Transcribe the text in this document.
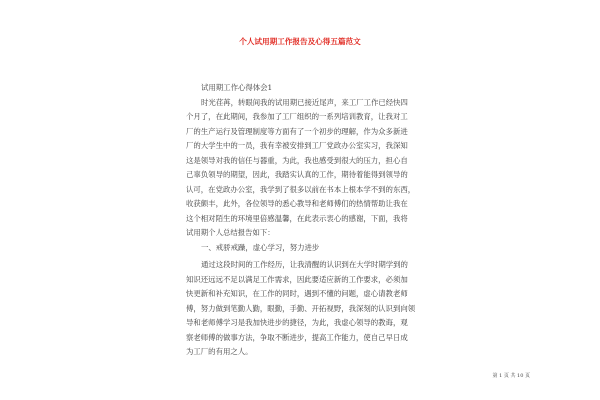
个人试用期工作报告及心得五篇范文
试用期工作心得体会1
时光荏苒，转眼间我的试用期已接近尾声，来工厂工作已经快四
个月了，在此期间，我参加了工厂组织的一系列培训教育，让我对工
厂的生产运行及管理制度等方面有了一个初步的理解，作为众多新进
厂的大学生中的一员，我有幸被安排到工厂党政办公室实习，我深知
这是领导对我的信任与器重，为此，我也感受到很大的压力，担心自
己辜负领导的期望，因此，我踏实认真的工作，期待着能得到领导的
认可，在党政办公室，我学到了很多以前在书本上根本学不到的东西，
收获颇丰，此外，各位领导的悉心教导和老师傅们的热情帮助让我在
这个相对陌生的环境里倍感温馨，在此表示衷心的感谢，下面，我将
试用期个人总结报告如下：
一、戒骄戒躁，虚心学习，努力进步
通过这段时间的工作经历，让我清醒的认识到在大学时期学到的
知识还远远不足以满足工作需求，因此要适应新的工作要求，必须加
快更新和补充知识，在工作的同时，遇到不懂的问题，虚心请教老师
傅，努力做到笔勤人勤，眼勤，手勤、开拓视野，我深刻的认识到向领
导和老师傅学习是我加快进步的捷径，为此，我虚心领导的教诲，观
察老师傅的做事方法，争取不断进步，提高工作能力，使自己早日成
为工厂的有用之人。
第 1 页 共 10 页
